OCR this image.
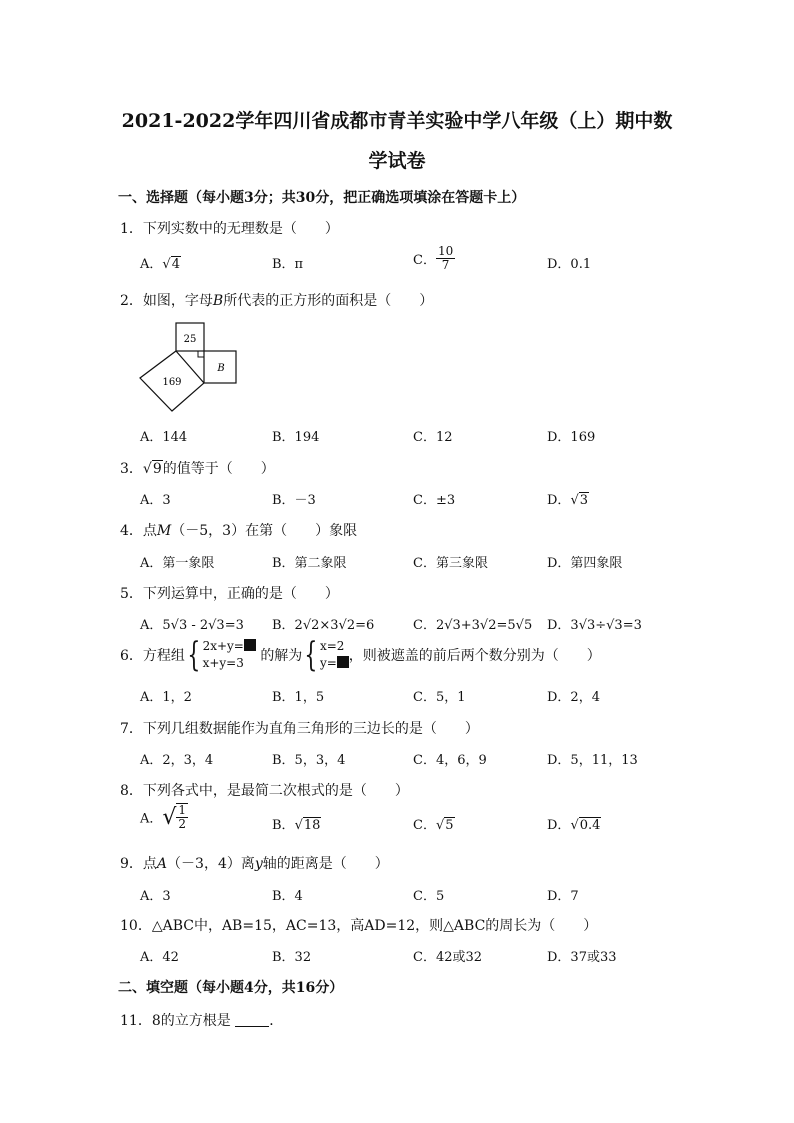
2021-2022学年四川省成都市青羊实验中学八年级（上）期中数
学试卷
一、选择题（每小题3分；共30分，把正确选项填涂在答题卡上）
1．下列实数中的无理数是（　　）
A．√4	B．π	C． $\frac{10}{7}$	D．0.1
2．如图，字母B所代表的正方形的面积是（　　）
25
169
B
A．144	B．194	C．12	D．169
3．√9的值等于（　　）
A．3	B．－3	C．±3	D．√3
4．点M（－5，3）在第（　　）象限
A．第一象限	B．第二象限	C．第三象限	D．第四象限
5．下列运算中，正确的是（　　）
A．5√3 - 2√3=3 B．2√2×3√2=6	C．2√3+3√2=5√5 D．3√3÷√3=3
6．方程组{ 2x+y=
x+y=3 的解为{ x=2
y= ，则被遮盖的前后两个数分别为（　　）
A．1，2	B．1，5	C．5，1	D．2，4
7．下列几组数据能作为直角三角形的三边长的是（　　）
A．2，3，4	B．5，3，4	C．4，6，9	D．5，11，13
8．下列各式中，是最简二次根式的是（　　）
A．√ $\frac{1}{2}$	B．√18	C．√5	D．√0.4
9．点A（－3，4）离y轴的距离是（　　）
A．3	B．4	C．5	D．7
10．△ABC中，AB=15，AC=13，高AD=12，则△ABC的周长为（　　）
A．42	B．32	C．42或32	D．37或33
二、填空题（每小题4分，共16分）
11．8的立方根是	．
